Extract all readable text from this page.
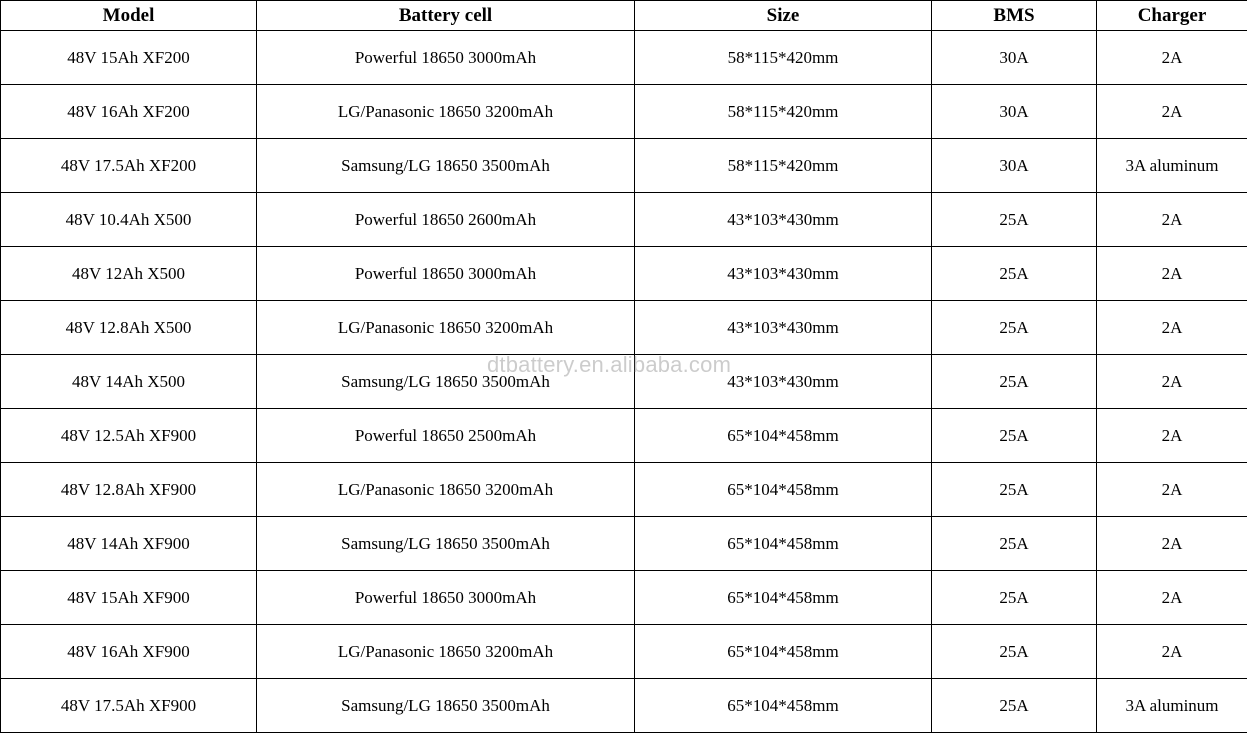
Model	Battery cell	Size	BMS	Charger
48V 15Ah XF200	Powerful 18650 3000mAh	58*115*420mm	30A	2A
48V 16Ah XF200	LG/Panasonic 18650 3200mAh	58*115*420mm	30A	2A
48V 17.5Ah XF200	Samsung/LG 18650 3500mAh	58*115*420mm	30A	3A aluminum
48V 10.4Ah X500	Powerful 18650 2600mAh	43*103*430mm	25A	2A
48V 12Ah X500	Powerful 18650 3000mAh	43*103*430mm	25A	2A
48V 12.8Ah X500	LG/Panasonic 18650 3200mAh	43*103*430mm	25A	2A
48V 14Ah X500	Samsung/LG 18650 3500mAh	43*103*430mm	25A	2A
48V 12.5Ah XF900	Powerful 18650 2500mAh	65*104*458mm	25A	2A
48V 12.8Ah XF900	LG/Panasonic 18650 3200mAh	65*104*458mm	25A	2A
48V 14Ah XF900	Samsung/LG 18650 3500mAh	65*104*458mm	25A	2A
48V 15Ah XF900	Powerful 18650 3000mAh	65*104*458mm	25A	2A
48V 16Ah XF900	LG/Panasonic 18650 3200mAh	65*104*458mm	25A	2A
48V 17.5Ah XF900	Samsung/LG 18650 3500mAh	65*104*458mm	25A	3A aluminum
dtbattery.en.alibaba.com
